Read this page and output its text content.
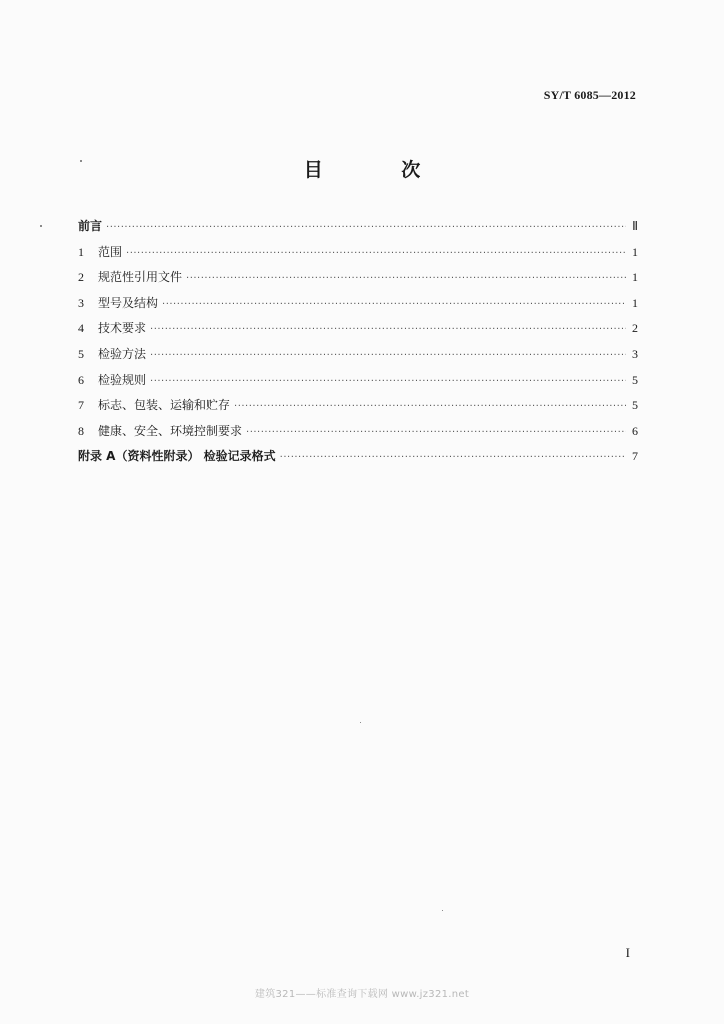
SY/T 6085—2012
目 次
前言 ·····	Ⅱ
1	范围 ·····	1
2	规范性引用文件 ·····	1
3	型号及结构 ·····	1
4	技术要求 ·····	2
5	检验方法 ·····	3
6	检验规则 ·····	5
7	标志、包装、运输和贮存 ·····	5
8	健康、安全、环境控制要求 ·····	6
附录 A（资料性附录） 检验记录格式 ·····	7
I
建筑321——标准查询下载网 www.jz321.net
